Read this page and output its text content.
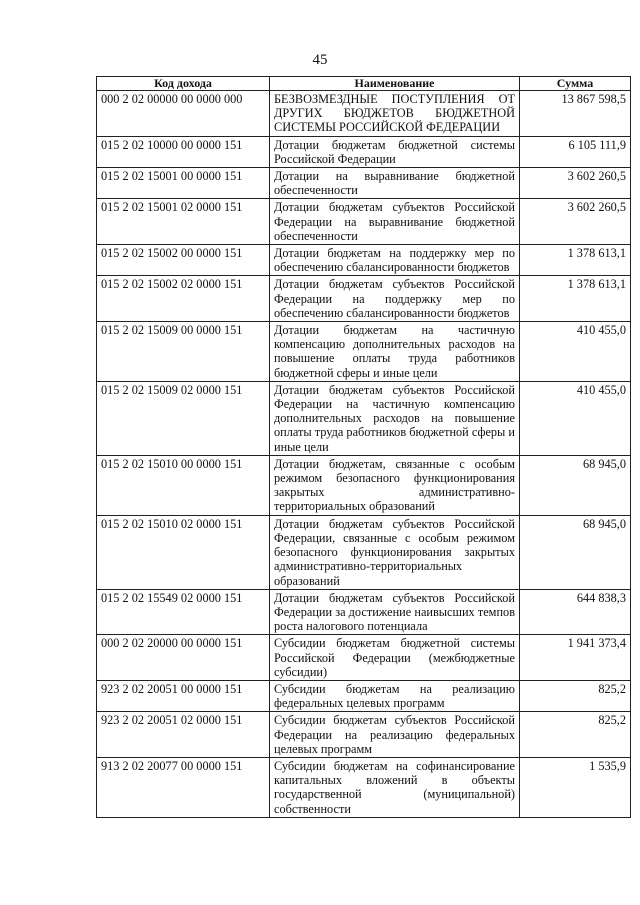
45
Код дохода	Наименование	Сумма
000 2 02 00000 00 0000 000	БЕЗВОЗМЕЗДНЫЕ ПОСТУПЛЕНИЯ ОТ ДРУГИХ БЮДЖЕТОВ БЮДЖЕТНОЙ СИСТЕМЫ РОССИЙСКОЙ ФЕДЕРАЦИИ	13 867 598,5
015 2 02 10000 00 0000 151	Дотации бюджетам бюджетной системы Российской Федерации	6 105 111,9
015 2 02 15001 00 0000 151	Дотации на выравнивание бюджетной обеспеченности	3 602 260,5
015 2 02 15001 02 0000 151	Дотации бюджетам субъектов Российской Федерации на выравнивание бюджетной обеспеченности	3 602 260,5
015 2 02 15002 00 0000 151	Дотации бюджетам на поддержку мер по обеспечению сбалансированности бюджетов	1 378 613,1
015 2 02 15002 02 0000 151	Дотации бюджетам субъектов Российской Федерации на поддержку мер по обеспечению сбалансированности бюджетов	1 378 613,1
015 2 02 15009 00 0000 151	Дотации бюджетам на частичную компенсацию дополнительных расходов на повышение оплаты труда работников бюджетной сферы и иные цели	410 455,0
015 2 02 15009 02 0000 151	Дотации бюджетам субъектов Российской Федерации на частичную компенсацию дополнительных расходов на повышение оплаты труда работников бюджетной сферы и иные цели	410 455,0
015 2 02 15010 00 0000 151	Дотации бюджетам, связанные с особым режимом безопасного функционирования закрытых административно-территориальных образований	68 945,0
015 2 02 15010 02 0000 151	Дотации бюджетам субъектов Российской Федерации, связанные с особым режимом безопасного функционирования закрытых административно-территориальных образований	68 945,0
015 2 02 15549 02 0000 151	Дотации бюджетам субъектов Российской Федерации за достижение наивысших темпов роста налогового потенциала	644 838,3
000 2 02 20000 00 0000 151	Субсидии бюджетам бюджетной системы Российской Федерации (межбюджетные субсидии)	1 941 373,4
923 2 02 20051 00 0000 151	Субсидии бюджетам на реализацию федеральных целевых программ	825,2
923 2 02 20051 02 0000 151	Субсидии бюджетам субъектов Российской Федерации на реализацию федеральных целевых программ	825,2
913 2 02 20077 00 0000 151	Субсидии бюджетам на софинансирование капитальных вложений в объекты государственной (муниципальной) собственности	1 535,9
